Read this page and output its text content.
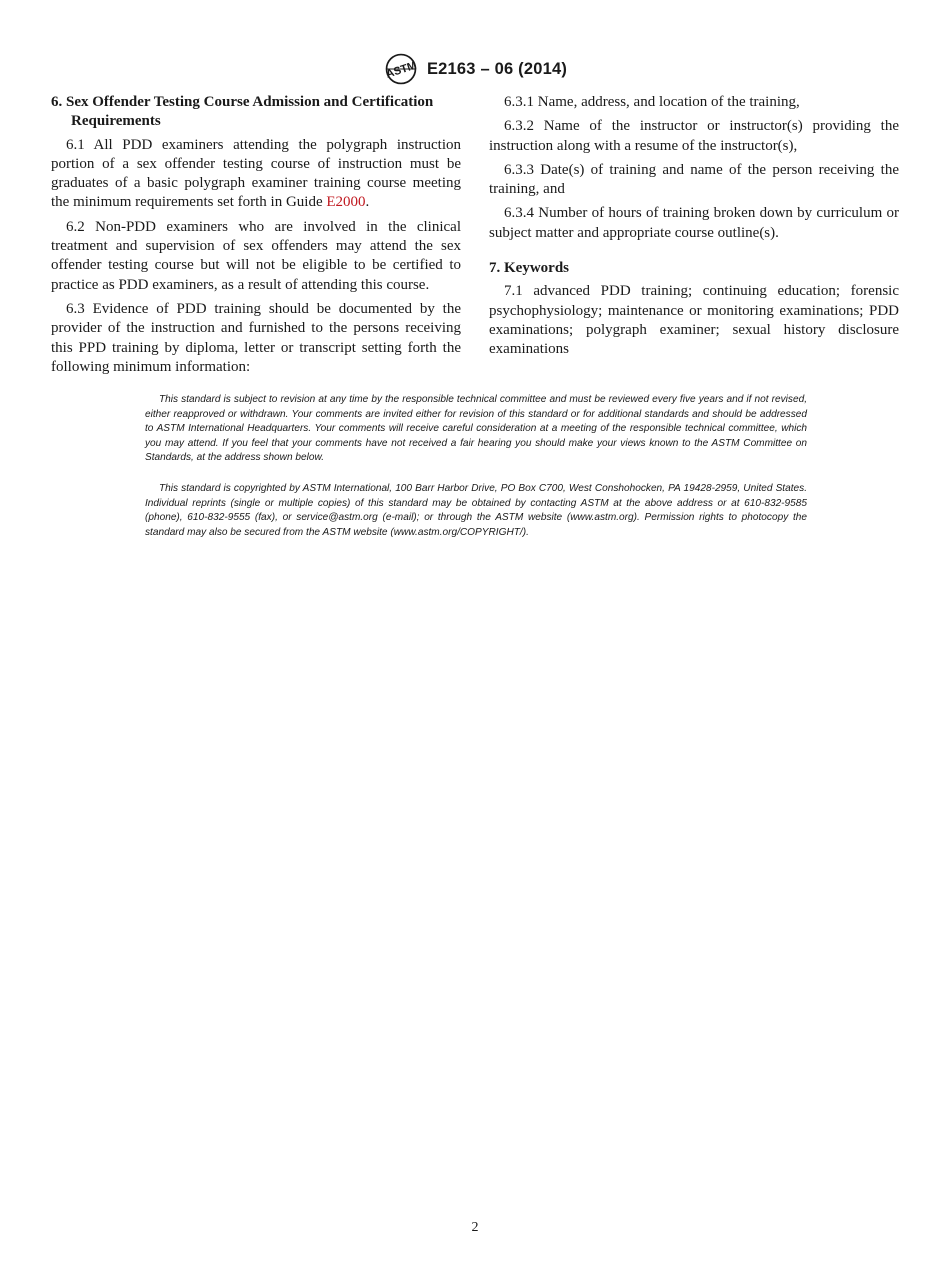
ASTM E2163 – 06 (2014)
6. Sex Offender Testing Course Admission and Certification Requirements

6.1 All PDD examiners attending the polygraph instruction portion of a sex offender testing course of instruction must be graduates of a basic polygraph examiner training course meeting the minimum requirements set forth in Guide E2000.

6.2 Non-PDD examiners who are involved in the clinical treatment and supervision of sex offenders may attend the sex offender testing course but will not be eligible to be certified to practice as PDD examiners, as a result of attending this course.

6.3 Evidence of PDD training should be documented by the provider of the instruction and furnished to the persons receiving this PPD training by diploma, letter or transcript setting forth the following minimum information:

6.3.1 Name, address, and location of the training,

6.3.2 Name of the instructor or instructor(s) providing the instruction along with a resume of the instructor(s),

6.3.3 Date(s) of training and name of the person receiving the training, and

6.3.4 Number of hours of training broken down by curriculum or subject matter and appropriate course outline(s).

7. Keywords

7.1 advanced PDD training; continuing education; forensic psychophysiology; maintenance or monitoring examinations; PDD examinations; polygraph examiner; sexual history disclosure examinations

This standard is subject to revision at any time by the responsible technical committee and must be reviewed every five years and if not revised, either reapproved or withdrawn. Your comments are invited either for revision of this standard or for additional standards and should be addressed to ASTM International Headquarters. Your comments will receive careful consideration at a meeting of the responsible technical committee, which you may attend. If you feel that your comments have not received a fair hearing you should make your views known to the ASTM Committee on Standards, at the address shown below.

This standard is copyrighted by ASTM International, 100 Barr Harbor Drive, PO Box C700, West Conshohocken, PA 19428-2959, United States. Individual reprints (single or multiple copies) of this standard may be obtained by contacting ASTM at the above address or at 610-832-9585 (phone), 610-832-9555 (fax), or service@astm.org (e-mail); or through the ASTM website (www.astm.org). Permission rights to photocopy the standard may also be secured from the ASTM website (www.astm.org/COPYRIGHT/).

2
